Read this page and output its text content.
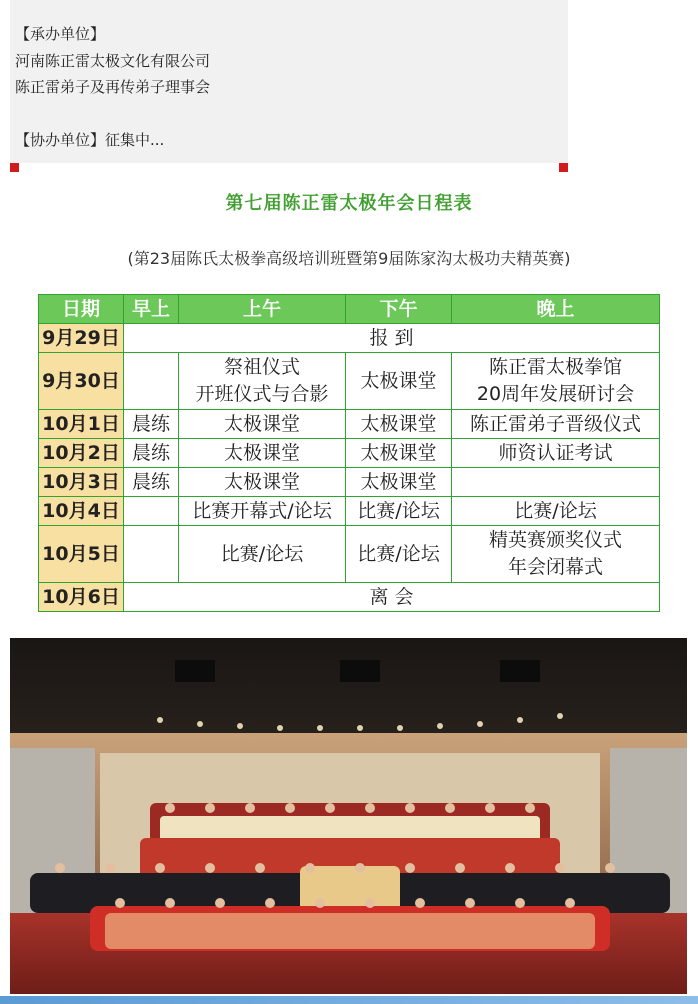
【承办单位】
河南陈正雷太极文化有限公司
陈正雷弟子及再传弟子理事会
【协办单位】征集中...
第七届陈正雷太极年会日程表
(第23届陈氏太极拳高级培训班暨第9届陈家沟太极功夫精英赛)
日期	早上	上午	下午	晚上
9月29日	报 到			
9月30日		祭祖仪式
开班仪式与合影	太极课堂	陈正雷太极拳馆
20周年发展研讨会
10月1日	晨练	太极课堂	太极课堂	陈正雷弟子晋级仪式
10月2日	晨练	太极课堂	太极课堂	师资认证考试
10月3日	晨练	太极课堂	太极课堂	
10月4日		比赛开幕式/论坛	比赛/论坛	比赛/论坛
10月5日		比赛/论坛	比赛/论坛	精英赛颁奖仪式
年会闭幕式
10月6日	离 会			
